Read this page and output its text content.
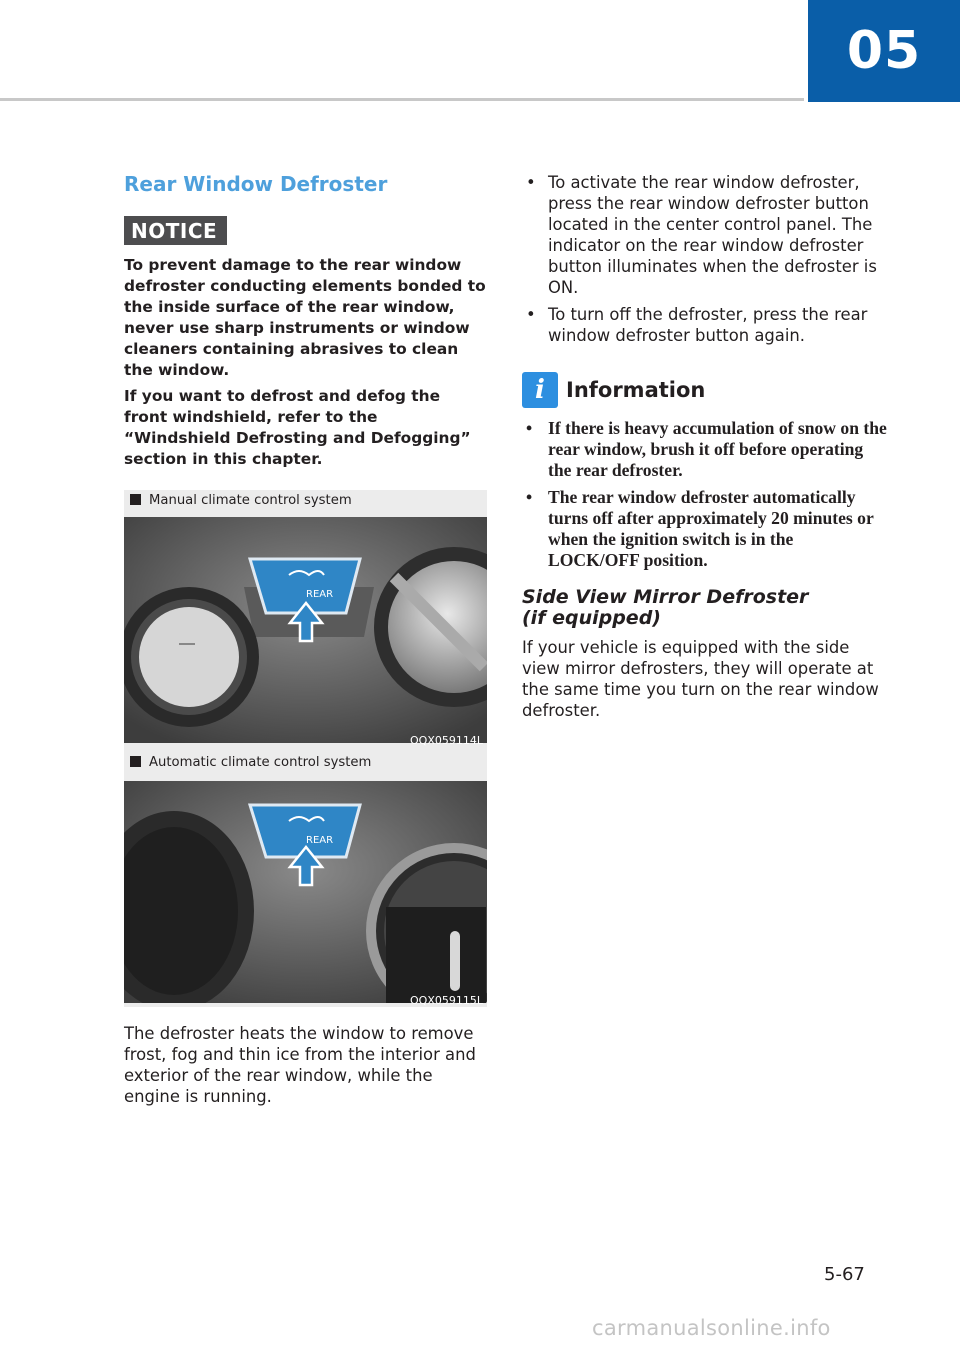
05
Rear Window Defroster
NOTICE

To prevent damage to the rear window defroster conducting elements bonded to the inside surface of the rear window, never use sharp instruments or window cleaners containing abrasives to clean the window.

If you want to defrost and defog the front windshield, refer to the “Windshield Defrosting and Defogging” section in this chapter.

Manual climate control system
REAR
OQX059114L
Automatic climate control system
REAR
OQX059115L

The defroster heats the window to remove frost, fog and thin ice from the interior and exterior of the rear window, while the engine is running.

• To activate the rear window defroster, press the rear window defroster button located in the center control panel. The indicator on the rear window defroster button illuminates when the defroster is ON.
• To turn off the defroster, press the rear window defroster button again.
i	Information
• If there is heavy accumulation of snow on the rear window, brush it off before operating the rear defroster.
• The rear window defroster automatically turns off after approximately 20 minutes or when the ignition switch is in the LOCK/OFF position.
Side View Mirror Defroster
(if equipped)

If your vehicle is equipped with the side view mirror defrosters, they will operate at the same time you turn on the rear window defroster.

5-67
carmanualsonline.info
